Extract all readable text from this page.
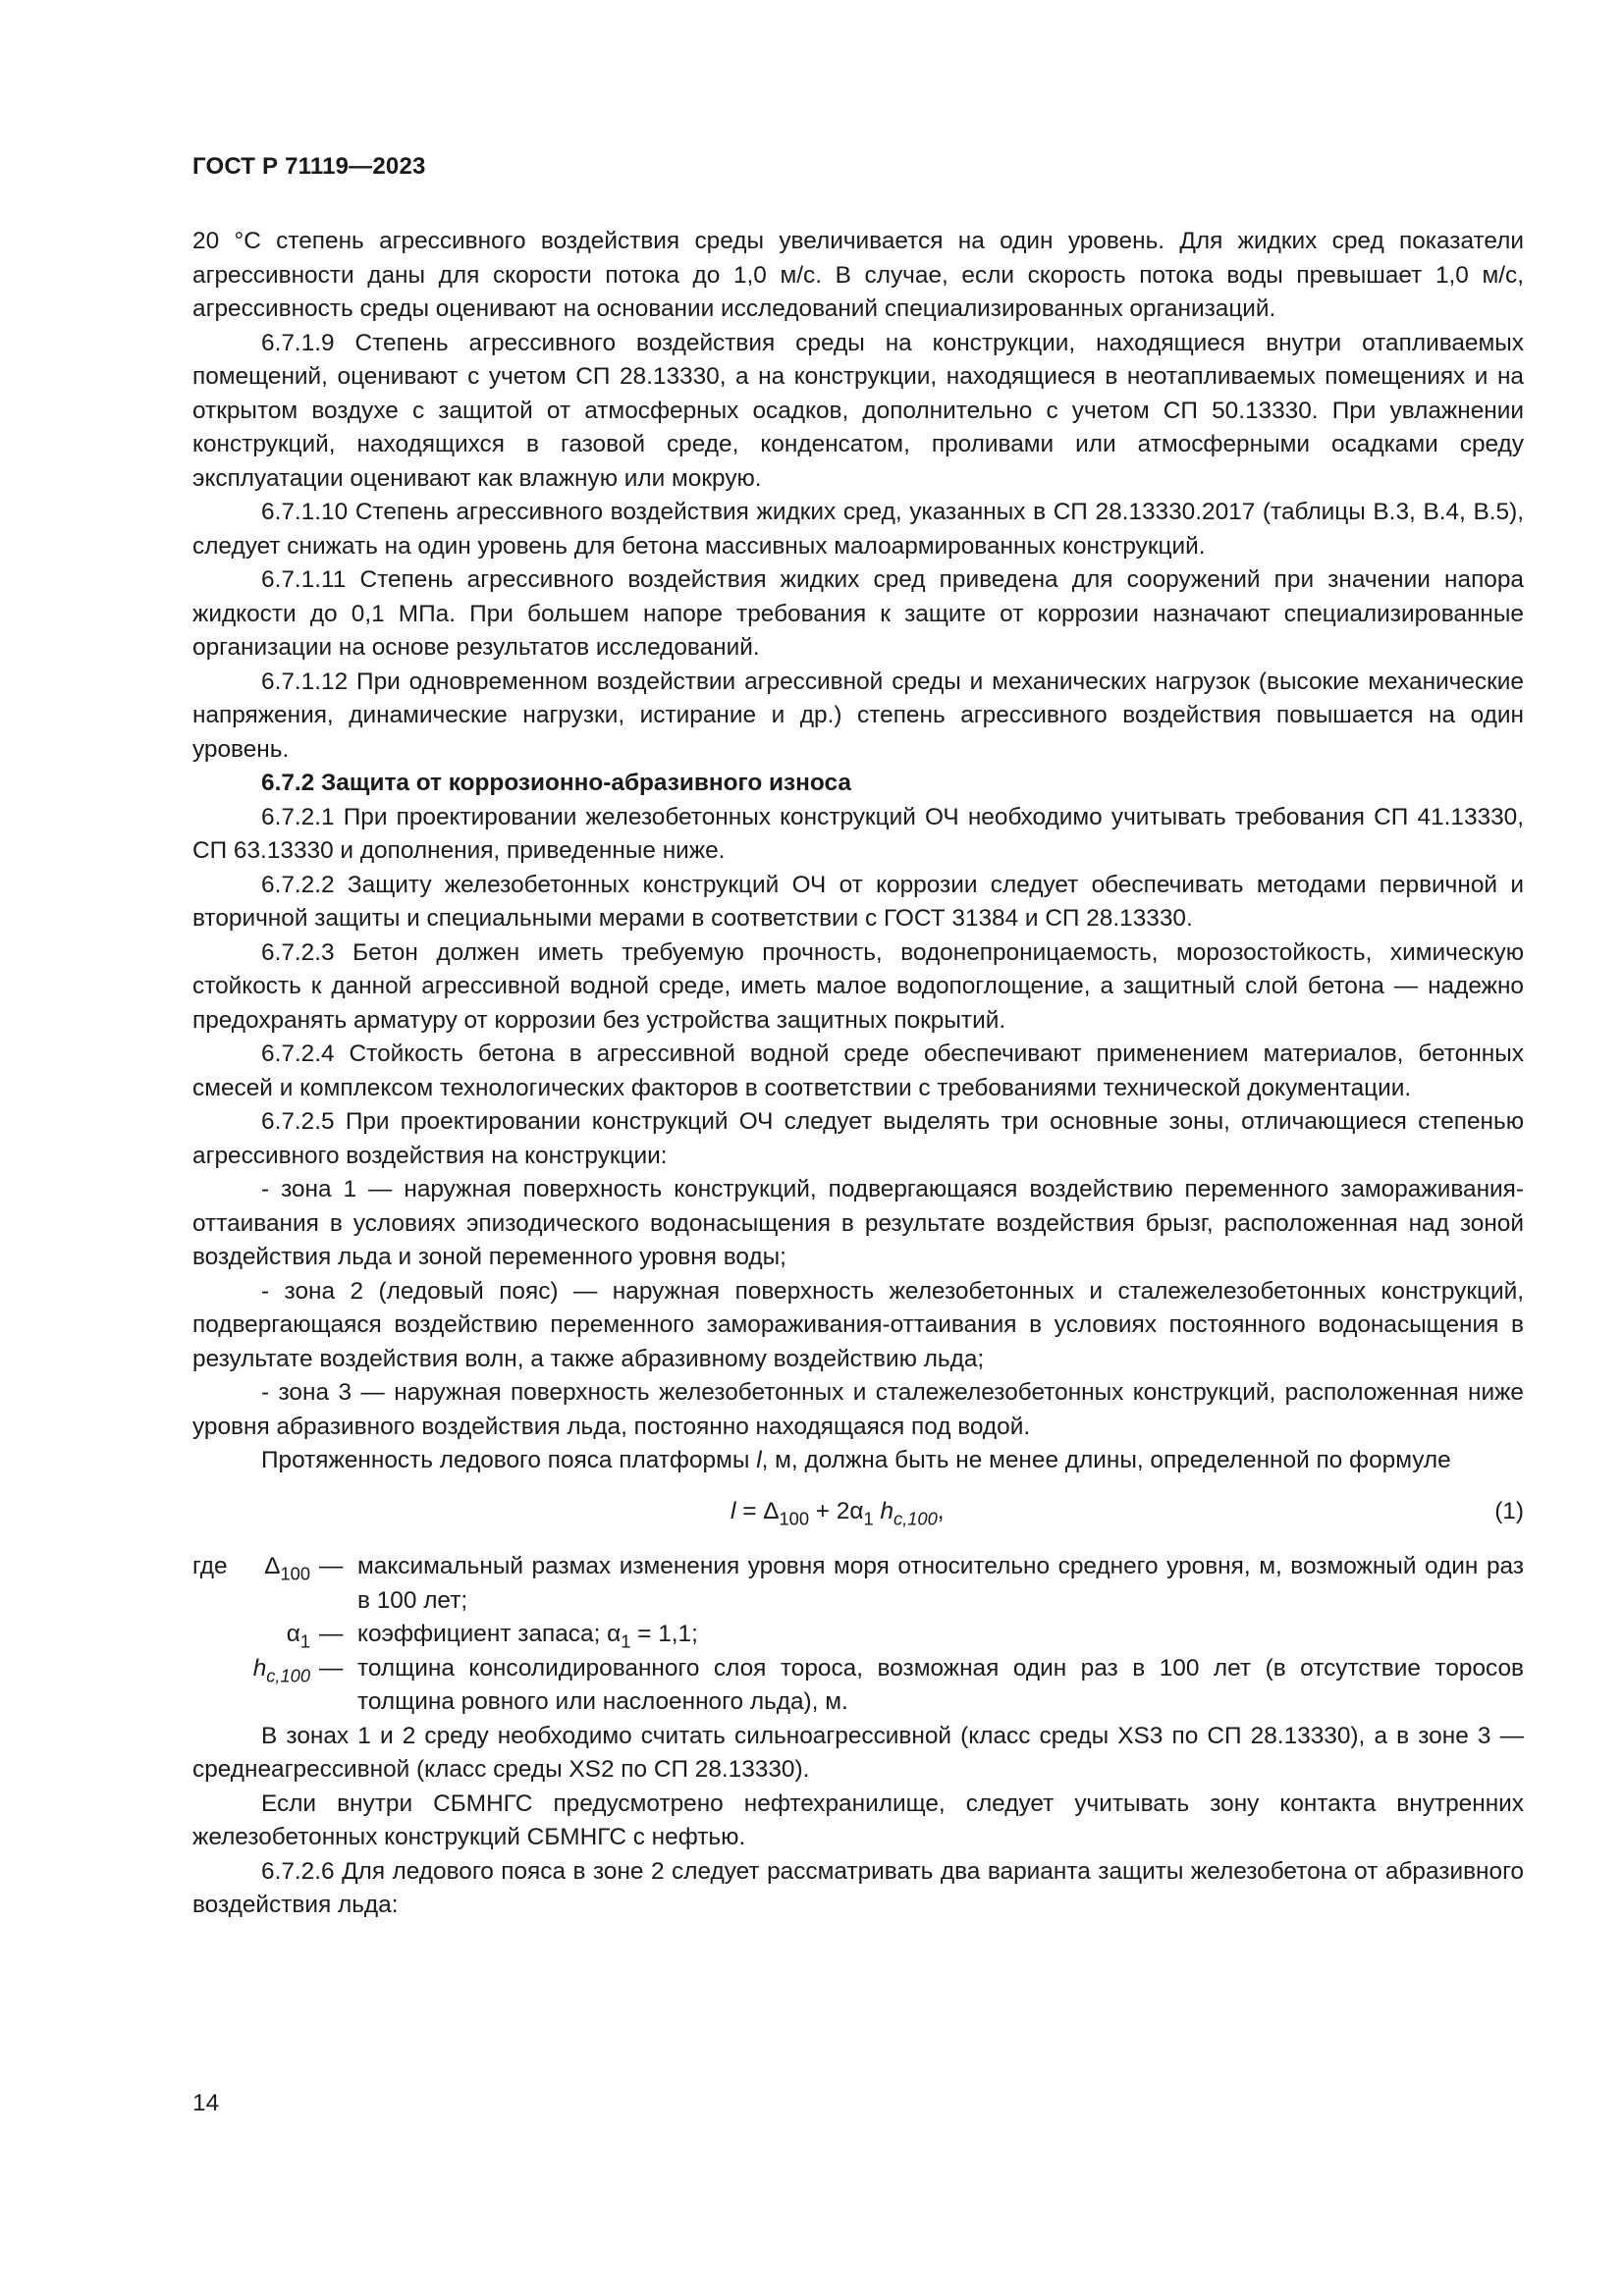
ГОСТ Р 71119—2023

20 °С степень агрессивного воздействия среды увеличивается на один уровень. Для жидких сред показатели агрессивности даны для скорости потока до 1,0 м/с. В случае, если скорость потока воды превышает 1,0 м/с, агрессивность среды оценивают на основании исследований специализированных организаций.

6.7.1.9 Степень агрессивного воздействия среды на конструкции, находящиеся внутри отапливаемых помещений, оценивают с учетом СП 28.13330, а на конструкции, находящиеся в неотапливаемых помещениях и на открытом воздухе с защитой от атмосферных осадков, дополнительно с учетом СП 50.13330. При увлажнении конструкций, находящихся в газовой среде, конденсатом, проливами или атмосферными осадками среду эксплуатации оценивают как влажную или мокрую.

6.7.1.10 Степень агрессивного воздействия жидких сред, указанных в СП 28.13330.2017 (таблицы В.3, В.4, В.5), следует снижать на один уровень для бетона массивных малоармированных конструкций.

6.7.1.11 Степень агрессивного воздействия жидких сред приведена для сооружений при значении напора жидкости до 0,1 МПа. При большем напоре требования к защите от коррозии назначают специализированные организации на основе результатов исследований.

6.7.1.12 При одновременном воздействии агрессивной среды и механических нагрузок (высокие механические напряжения, динамические нагрузки, истирание и др.) степень агрессивного воздействия повышается на один уровень.

6.7.2 Защита от коррозионно-абразивного износа

6.7.2.1 При проектировании железобетонных конструкций ОЧ необходимо учитывать требования СП 41.13330, СП 63.13330 и дополнения, приведенные ниже.

6.7.2.2 Защиту железобетонных конструкций ОЧ от коррозии следует обеспечивать методами первичной и вторичной защиты и специальными мерами в соответствии с ГОСТ 31384 и СП 28.13330.

6.7.2.3 Бетон должен иметь требуемую прочность, водонепроницаемость, морозостойкость, химическую стойкость к данной агрессивной водной среде, иметь малое водопоглощение, а защитный слой бетона — надежно предохранять арматуру от коррозии без устройства защитных покрытий.

6.7.2.4 Стойкость бетона в агрессивной водной среде обеспечивают применением материалов, бетонных смесей и комплексом технологических факторов в соответствии с требованиями технической документации.

6.7.2.5 При проектировании конструкций ОЧ следует выделять три основные зоны, отличающиеся степенью агрессивного воздействия на конструкции:

- зона 1 — наружная поверхность конструкций, подвергающаяся воздействию переменного замораживания-оттаивания в условиях эпизодического водонасыщения в результате воздействия брызг, расположенная над зоной воздействия льда и зоной переменного уровня воды;

- зона 2 (ледовый пояс) — наружная поверхность железобетонных и сталежелезобетонных конструкций, подвергающаяся воздействию переменного замораживания-оттаивания в условиях постоянного водонасыщения в результате воздействия волн, а также абразивному воздействию льда;

- зона 3 — наружная поверхность железобетонных и сталежелезобетонных конструкций, расположенная ниже уровня абразивного воздействия льда, постоянно находящаяся под водой.

Протяженность ледового пояса платформы l, м, должна быть не менее длины, определенной по формуле

$l = \Delta_{100} + 2\alpha_1$ $h_{c,100}$,	(1)
где $\Delta_{100}$ — максимальный размах изменения уровня моря относительно среднего уровня, м, возможный один раз в 100 лет;
$\alpha_1$ — коэффициент запаса; $\alpha_1 = 1,1$;
$h_{c,100}$ — толщина консолидированного слоя тороса, возможная один раз в 100 лет (в отсутствие торосов толщина ровного или наслоенного льда), м.

В зонах 1 и 2 среду необходимо считать сильноагрессивной (класс среды XS3 по СП 28.13330), а в зоне 3 — среднеагрессивной (класс среды XS2 по СП 28.13330).

Если внутри СБМНГС предусмотрено нефтехранилище, следует учитывать зону контакта внутренних железобетонных конструкций СБМНГС с нефтью.

6.7.2.6 Для ледового пояса в зоне 2 следует рассматривать два варианта защиты железобетона от абразивного воздействия льда:

14
